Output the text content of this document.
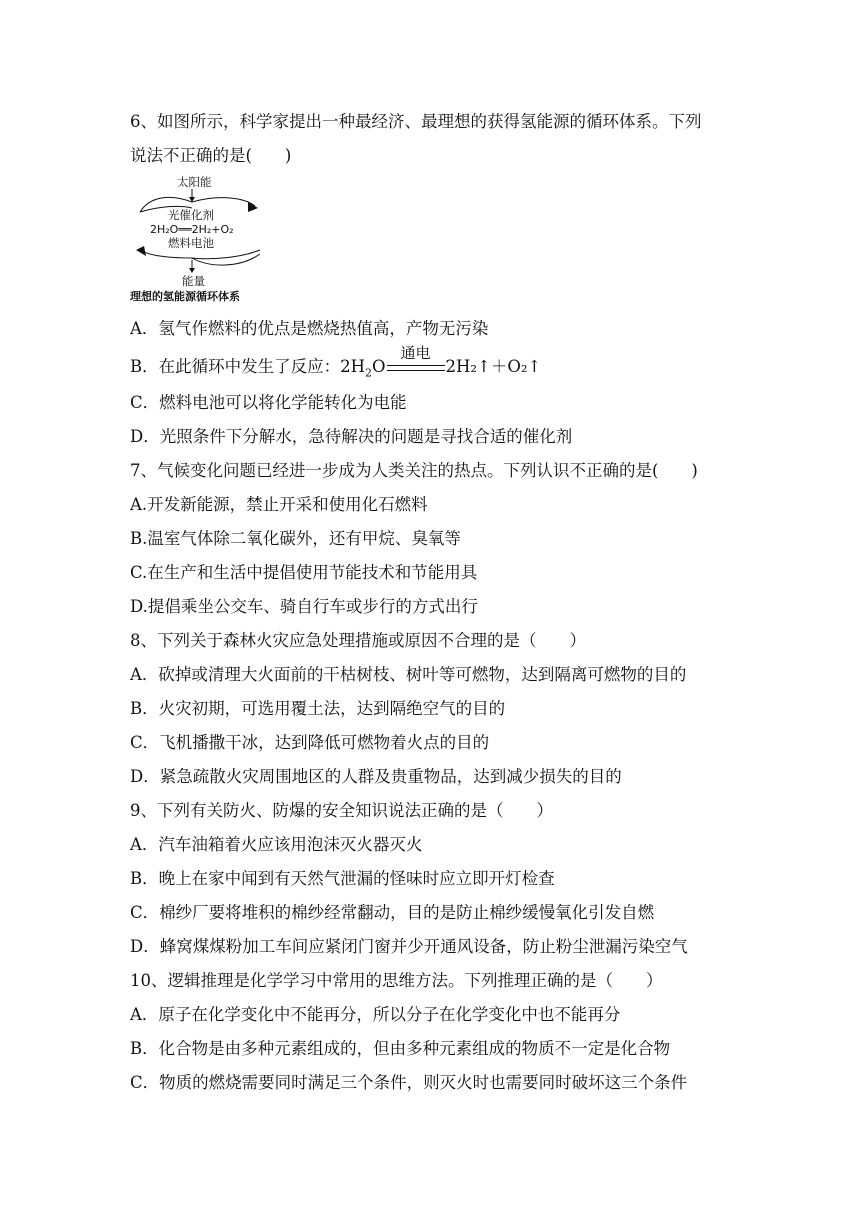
6、如图所示，科学家提出一种最经济、最理想的获得氢能源的循环体系。下列
说法不正确的是(　　)
太阳能
光催化剂
2H₂O══2H₂+O₂
燃料电池
能量
理想的氢能源循环体系
A．氢气作燃料的优点是燃烧热值高，产物无污染
B．在此循环中发生了反应：$2H_2O$
通电
2H₂↑＋O₂↑
C．燃料电池可以将化学能转化为电能
D．光照条件下分解水，急待解决的问题是寻找合适的催化剂
7、气候变化问题已经进一步成为人类关注的热点。下列认识不正确的是(　　)
A.开发新能源，禁止开采和使用化石燃料
B.温室气体除二氧化碳外，还有甲烷、臭氧等
C.在生产和生活中提倡使用节能技术和节能用具
D.提倡乘坐公交车、骑自行车或步行的方式出行
8、下列关于森林火灾应急处理措施或原因不合理的是（　　）
A．砍掉或清理大火面前的干枯树枝、树叶等可燃物，达到隔离可燃物的目的
B．火灾初期，可选用覆土法，达到隔绝空气的目的
C．飞机播撒干冰，达到降低可燃物着火点的目的
D．紧急疏散火灾周围地区的人群及贵重物品，达到减少损失的目的
9、下列有关防火、防爆的安全知识说法正确的是（　　）
A．汽车油箱着火应该用泡沫灭火器灭火
B．晚上在家中闻到有天然气泄漏的怪味时应立即开灯检查
C．棉纱厂要将堆积的棉纱经常翻动，目的是防止棉纱缓慢氧化引发自燃
D．蜂窝煤煤粉加工车间应紧闭门窗并少开通风设备，防止粉尘泄漏污染空气
10、逻辑推理是化学学习中常用的思维方法。下列推理正确的是（　　）
A．原子在化学变化中不能再分，所以分子在化学变化中也不能再分
B．化合物是由多种元素组成的，但由多种元素组成的物质不一定是化合物
C．物质的燃烧需要同时满足三个条件，则灭火时也需要同时破坏这三个条件
